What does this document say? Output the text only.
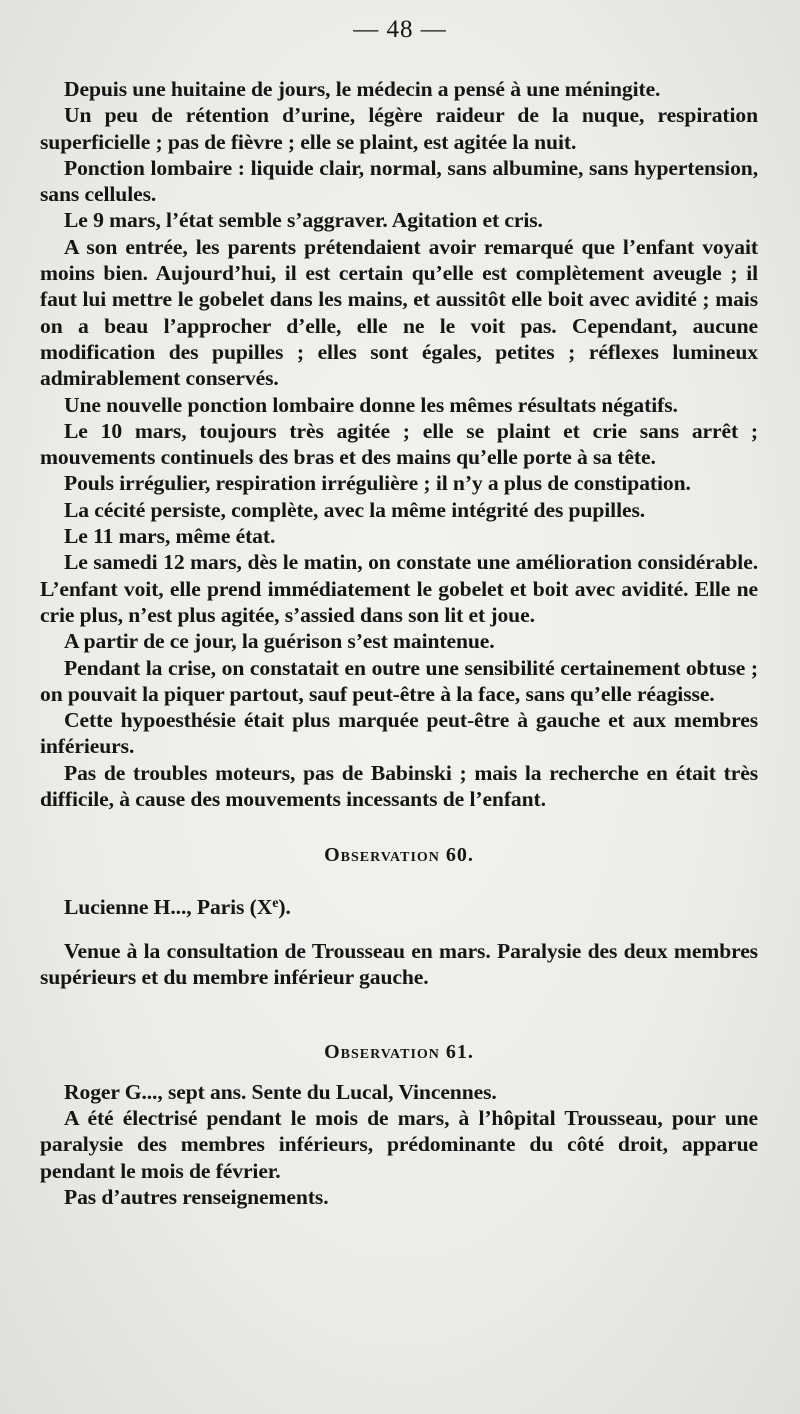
— 48 —

Depuis une huitaine de jours, le médecin a pensé à une méningite.

Un peu de rétention d’urine, légère raideur de la nuque, respiration superficielle ; pas de fièvre ; elle se plaint, est agitée la nuit.

Ponction lombaire : liquide clair, normal, sans albumine, sans hypertension, sans cellules.

Le 9 mars, l’état semble s’aggraver. Agitation et cris.

A son entrée, les parents prétendaient avoir remarqué que l’enfant voyait moins bien. Aujourd’hui, il est certain qu’elle est complètement aveugle ; il faut lui mettre le gobelet dans les mains, et aussitôt elle boit avec avidité ; mais on a beau l’approcher d’elle, elle ne le voit pas. Cependant, aucune modification des pupilles ; elles sont égales, petites ; réflexes lumineux admirablement conservés.

Une nouvelle ponction lombaire donne les mêmes résultats négatifs.

Le 10 mars, toujours très agitée ; elle se plaint et crie sans arrêt ; mouvements continuels des bras et des mains qu’elle porte à sa tête.

Pouls irrégulier, respiration irrégulière ; il n’y a plus de constipation.

La cécité persiste, complète, avec la même intégrité des pupilles.

Le 11 mars, même état.

Le samedi 12 mars, dès le matin, on constate une amélioration considérable. L’enfant voit, elle prend immédiatement le gobelet et boit avec avidité. Elle ne crie plus, n’est plus agitée, s’assied dans son lit et joue.

A partir de ce jour, la guérison s’est maintenue.

Pendant la crise, on constatait en outre une sensibilité certainement obtuse ; on pouvait la piquer partout, sauf peut-être à la face, sans qu’elle réagisse.

Cette hypoesthésie était plus marquée peut-être à gauche et aux membres inférieurs.

Pas de troubles moteurs, pas de Babinski ; mais la recherche en était très difficile, à cause des mouvements incessants de l’enfant.

Observation 60.

Lucienne H..., Paris (Xe).

Venue à la consultation de Trousseau en mars. Paralysie des deux membres supérieurs et du membre inférieur gauche.

Observation 61.

Roger G..., sept ans. Sente du Lucal, Vincennes.

A été électrisé pendant le mois de mars, à l’hôpital Trousseau, pour une paralysie des membres inférieurs, prédominante du côté droit, apparue pendant le mois de février.

Pas d’autres renseignements.
